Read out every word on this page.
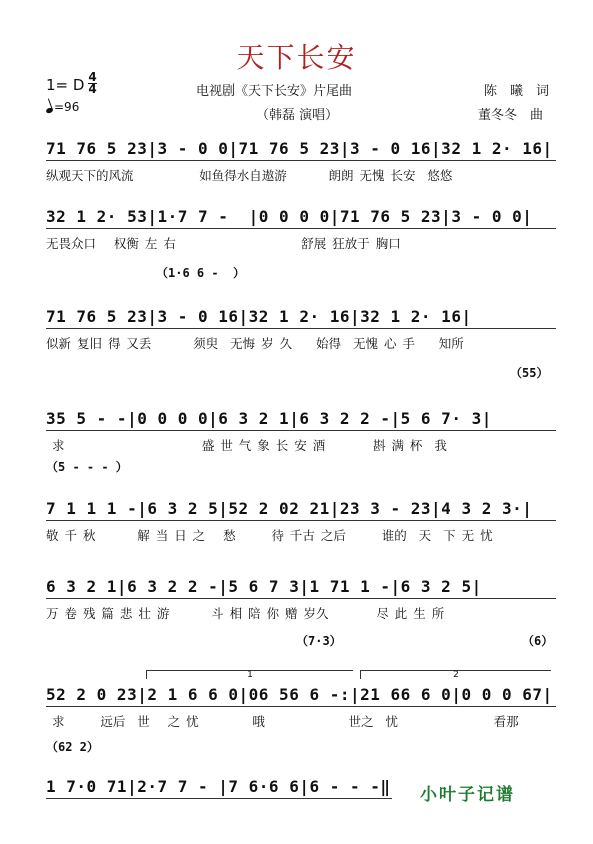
天下长安
1= D 4
4
=96
电视剧《天下长安》片尾曲
（韩磊 演唱）
陈　曦　词
董冬冬　曲
71 76 5 23|3 - 0 0|71 76 5 23|3 - 0 16|32 1 2· 16|
纵观天下的风流           如鱼得水自遨游       朗朗 无愧 长安  悠悠
32 1 2· 53|1·7 7 -  |0 0 0 0|71 76 5 23|3 - 0 0|
无畏众口   权衡 左 右                     舒展 狂放于 胸口
（1·6 6 -  ）
71 76 5 23|3 - 0 16|32 1 2· 16|32 1 2· 16|
似新 复旧 得 又丢       须臾  无悔 岁 久    始得  无愧 心 手    知所
（55）
35 5 - -|0 0 0 0|6 3 2 1|6 3 2 2 -|5 6 7· 3|
求                       盛 世 气 象 长 安 酒        斟 满 杯  我
（5 - - - ）
7 1 1 1 -|6 3 2 5|52 2 02 21|23 3 - 23|4 3 2 3·|
敬 千 秋       解 当 日 之   愁      待 千古 之后      谁的  天  下 无 忧
6 3 2 1|6 3 2 2 -|5 6 7 3|1 71 1 -|6 3 2 5|
万 卷 残 篇 悲 壮 游       斗 相 陪 你 赠 岁久        尽 此 生 所
（7·3）	（6）
1	2
52 2 0 23|2 1 6 6 0|06 56 6 -:|21 66 6 0|0 0 0 67|
求      远后  世   之 忧         哦              世之  忧                看那
（62 2）
1 7·0 71|2·7 7 - |7 6·6 6|6 - - -‖ 小叶子记谱
